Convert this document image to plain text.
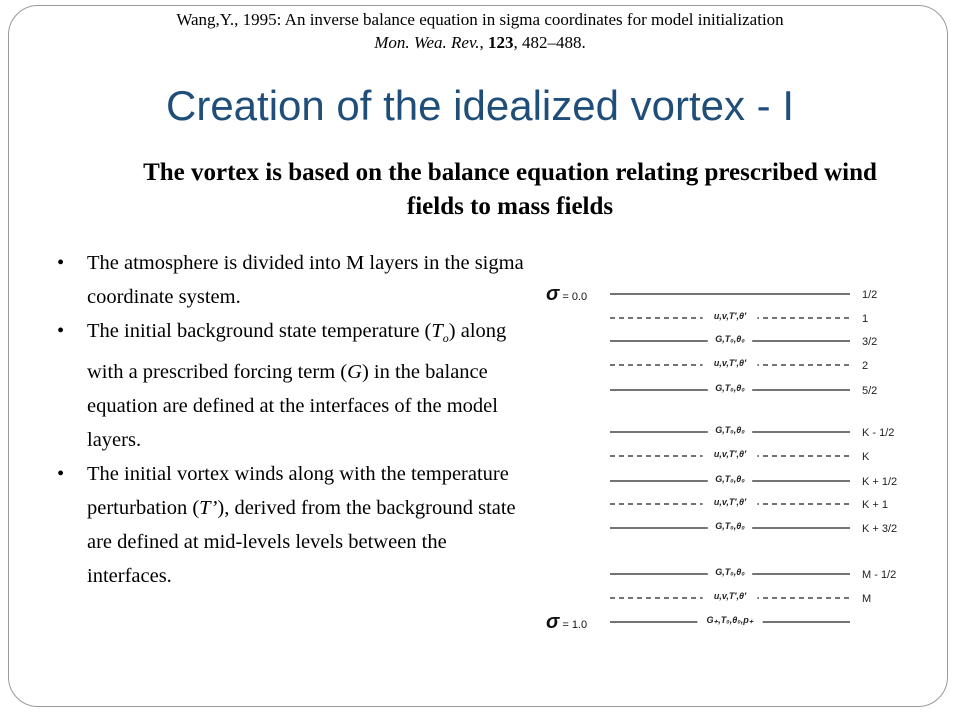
Wang,Y., 1995: An inverse balance equation in sigma coordinates for model initialization
Mon. Wea. Rev., 123, 482–488.
Creation of the idealized vortex - I
The vortex is based on the balance equation relating prescribed wind fields to mass fields
• The atmosphere is divided into M layers in the sigma coordinate system.
• The initial background state temperature $(T_o)$ along with a prescribed forcing term (G) in the balance equation are defined at the interfaces of the model layers.
• The initial vortex winds along with the temperature perturbation (T’), derived from the background state are defined at mid-levels levels between the interfaces.
1/2
u,v,T′,θ′	1
G,T₀,θ₀	3/2
u,v,T′,θ′	2
G,T₀,θ₀	5/2
G,T₀,θ₀	K - 1/2
u,v,T′,θ′	K
G,T₀,θ₀	K + 1/2
u,v,T′,θ′	K + 1
G,T₀,θ₀	K + 3/2
G,T₀,θ₀	M - 1/2
u,v,T′,θ′	M
G₊,T₀,θ₀,p₊
σ = 0.0
σ = 1.0
